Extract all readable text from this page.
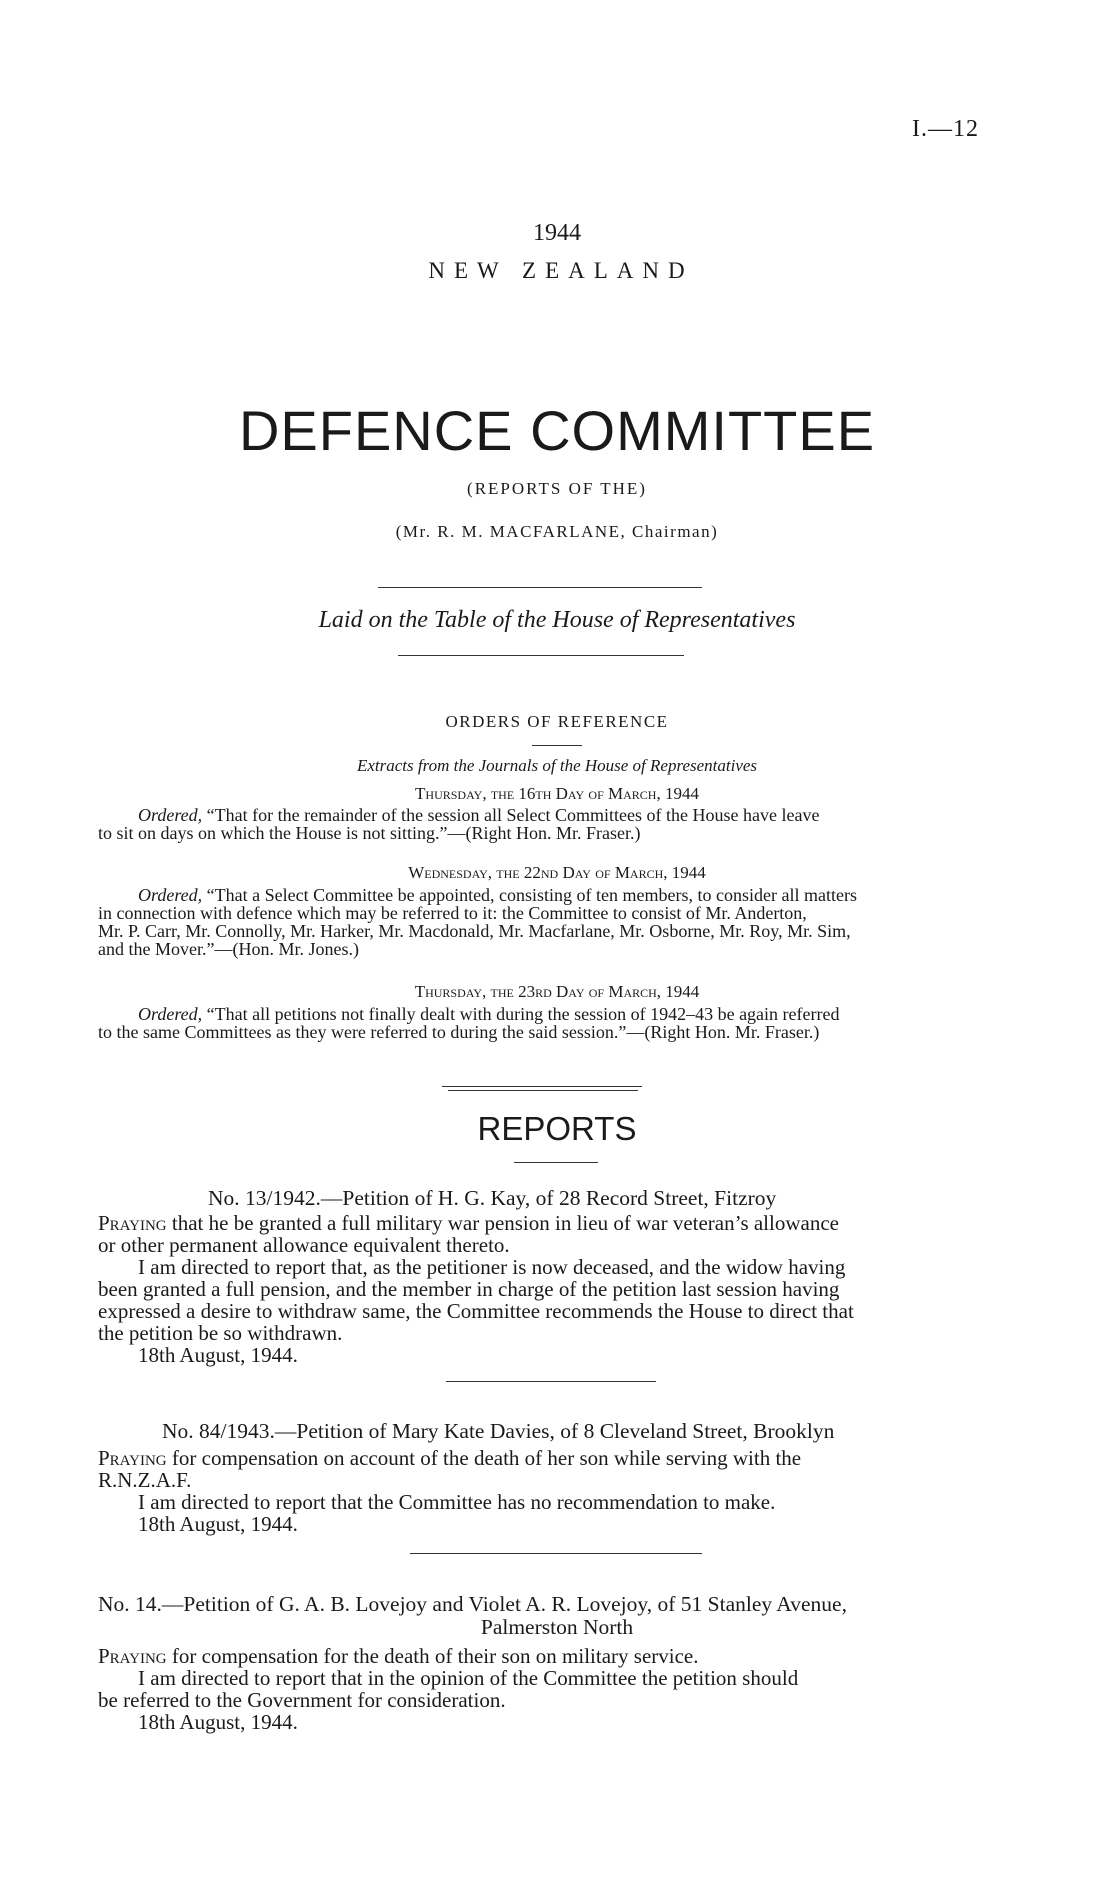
I.—12
1944
NEW ZEALAND
DEFENCE COMMITTEE
(REPORTS OF THE)
(Mr. R. M. MACFARLANE, Chairman)
Laid on the Table of the House of Representatives
ORDERS OF REFERENCE
Extracts from the Journals of the House of Representatives
Thursday, the 16th Day of March, 1944
Ordered, “That for the remainder of the session all Select Committees of the House have leave
to sit on days on which the House is not sitting.”—(Right Hon. Mr. Fraser.)
Wednesday, the 22nd Day of March, 1944
Ordered, “That a Select Committee be appointed, consisting of ten members, to consider all matters
in connection with defence which may be referred to it: the Committee to consist of Mr. Anderton,
Mr. P. Carr, Mr. Connolly, Mr. Harker, Mr. Macdonald, Mr. Macfarlane, Mr. Osborne, Mr. Roy, Mr. Sim,
and the Mover.”—(Hon. Mr. Jones.)
Thursday, the 23rd Day of March, 1944
Ordered, “That all petitions not finally dealt with during the session of 1942–43 be again referred
to the same Committees as they were referred to during the said session.”—(Right Hon. Mr. Fraser.)
REPORTS
No. 13/1942.—Petition of H. G. Kay, of 28 Record Street, Fitzroy
Praying that he be granted a full military war pension in lieu of war veteran’s allowance
or other permanent allowance equivalent thereto.
I am directed to report that, as the petitioner is now deceased, and the widow having
been granted a full pension, and the member in charge of the petition last session having
expressed a desire to withdraw same, the Committee recommends the House to direct that
the petition be so withdrawn.
18th August, 1944.
No. 84/1943.—Petition of Mary Kate Davies, of 8 Cleveland Street, Brooklyn
Praying for compensation on account of the death of her son while serving with the
R.N.Z.A.F.
I am directed to report that the Committee has no recommendation to make.
18th August, 1944.
No. 14.—Petition of G. A. B. Lovejoy and Violet A. R. Lovejoy, of 51 Stanley Avenue,
Palmerston North
Praying for compensation for the death of their son on military service.
I am directed to report that in the opinion of the Committee the petition should
be referred to the Government for consideration.
18th August, 1944.
